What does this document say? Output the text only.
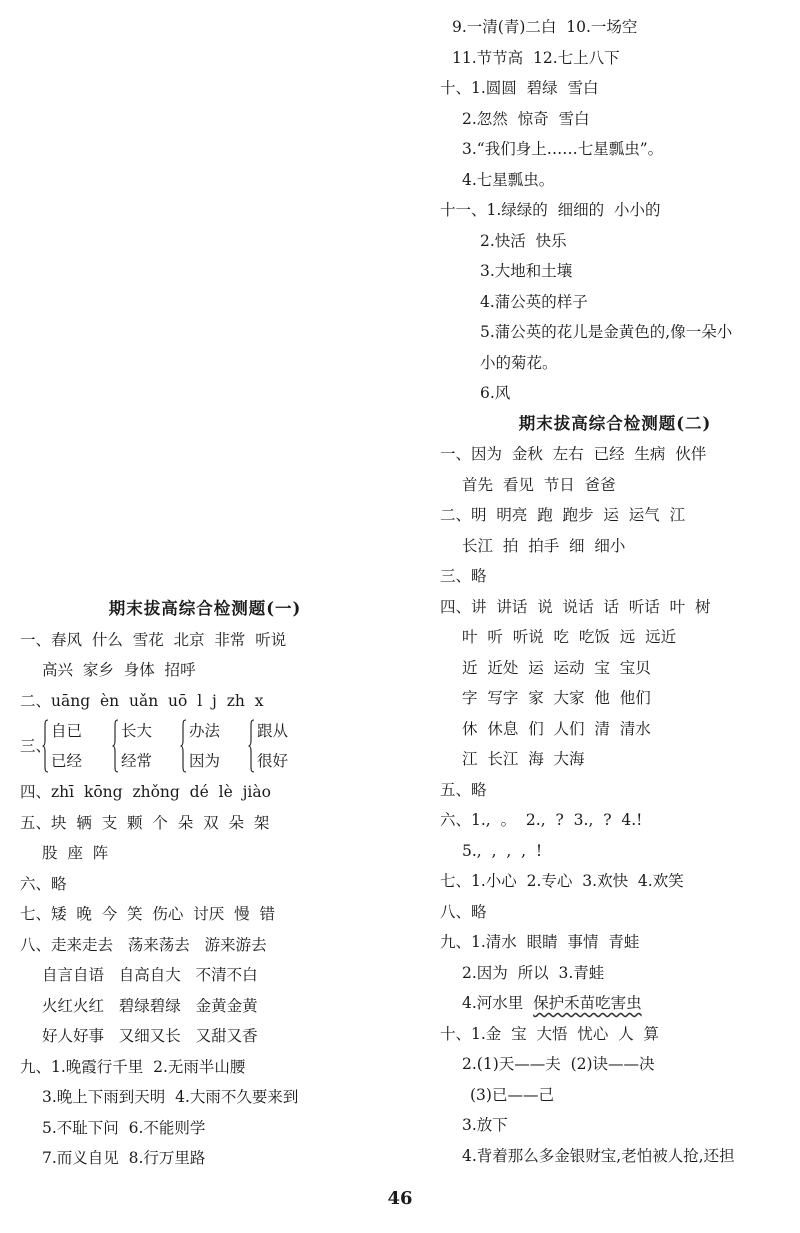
期末拔高综合检测题(一)
一、春风  什么  雪花  北京  非常  听说
高兴  家乡  身体  招呼
二、uāng  èn  uǎn  uō  l  j  zh  x
三、
自已
已经
长大
经常
办法
因为
跟从
很好
四、zhī  kōng  zhǒng  dé  lè  jiào
五、块  辆  支  颗  个  朵  双  朵  架
股  座  阵
六、略
七、矮  晚  今  笑  伤心  讨厌  慢  错
八、走来走去   荡来荡去   游来游去
自言自语   自高自大   不清不白
火红火红   碧绿碧绿   金黄金黄
好人好事   又细又长   又甜又香
九、1.晚霞行千里  2.无雨半山腰
3.晚上下雨到天明  4.大雨不久要来到
5.不耻下问  6.不能则学
7.而义自见  8.行万里路
9.一清(青)二白  10.一场空
11.节节高  12.七上八下
十、1.圆圆  碧绿  雪白
2.忽然  惊奇  雪白
3.“我们身上……七星瓢虫”。
4.七星瓢虫。
十一、1.绿绿的  细细的  小小的
2.快活  快乐
3.大地和土壤
4.蒲公英的样子
5.蒲公英的花儿是金黄色的,像一朵小
小的菊花。
6.风
期末拔高综合检测题(二)
一、因为  金秋  左右  已经  生病  伙伴
首先  看见  节日  爸爸
二、明  明亮  跑  跑步  运  运气  江
长江  拍  拍手  细  细小
三、略
四、讲  讲话  说  说话  话  听话  叶  树
叶  听  听说  吃  吃饭  远  远近
近  近处  运  运动  宝  宝贝
字  写字  家  大家  他  他们
休  休息  们  人们  清  清水
江  长江  海  大海
五、略
六、1.,  。  2.,  ?  3.,  ?  4.!
5.,  ,  ,  ,  !
七、1.小心  2.专心  3.欢快  4.欢笑
八、略
九、1.清水  眼睛  事情  青蛙
2.因为  所以  3.青蛙
4.河水里  保护禾苗吃害虫
十、1.金  宝  大悟  忧心  人  算
2.(1)天——夫  (2)诀——决
(3)已——己
3.放下
4.背着那么多金银财宝,老怕被人抢,还担
46
